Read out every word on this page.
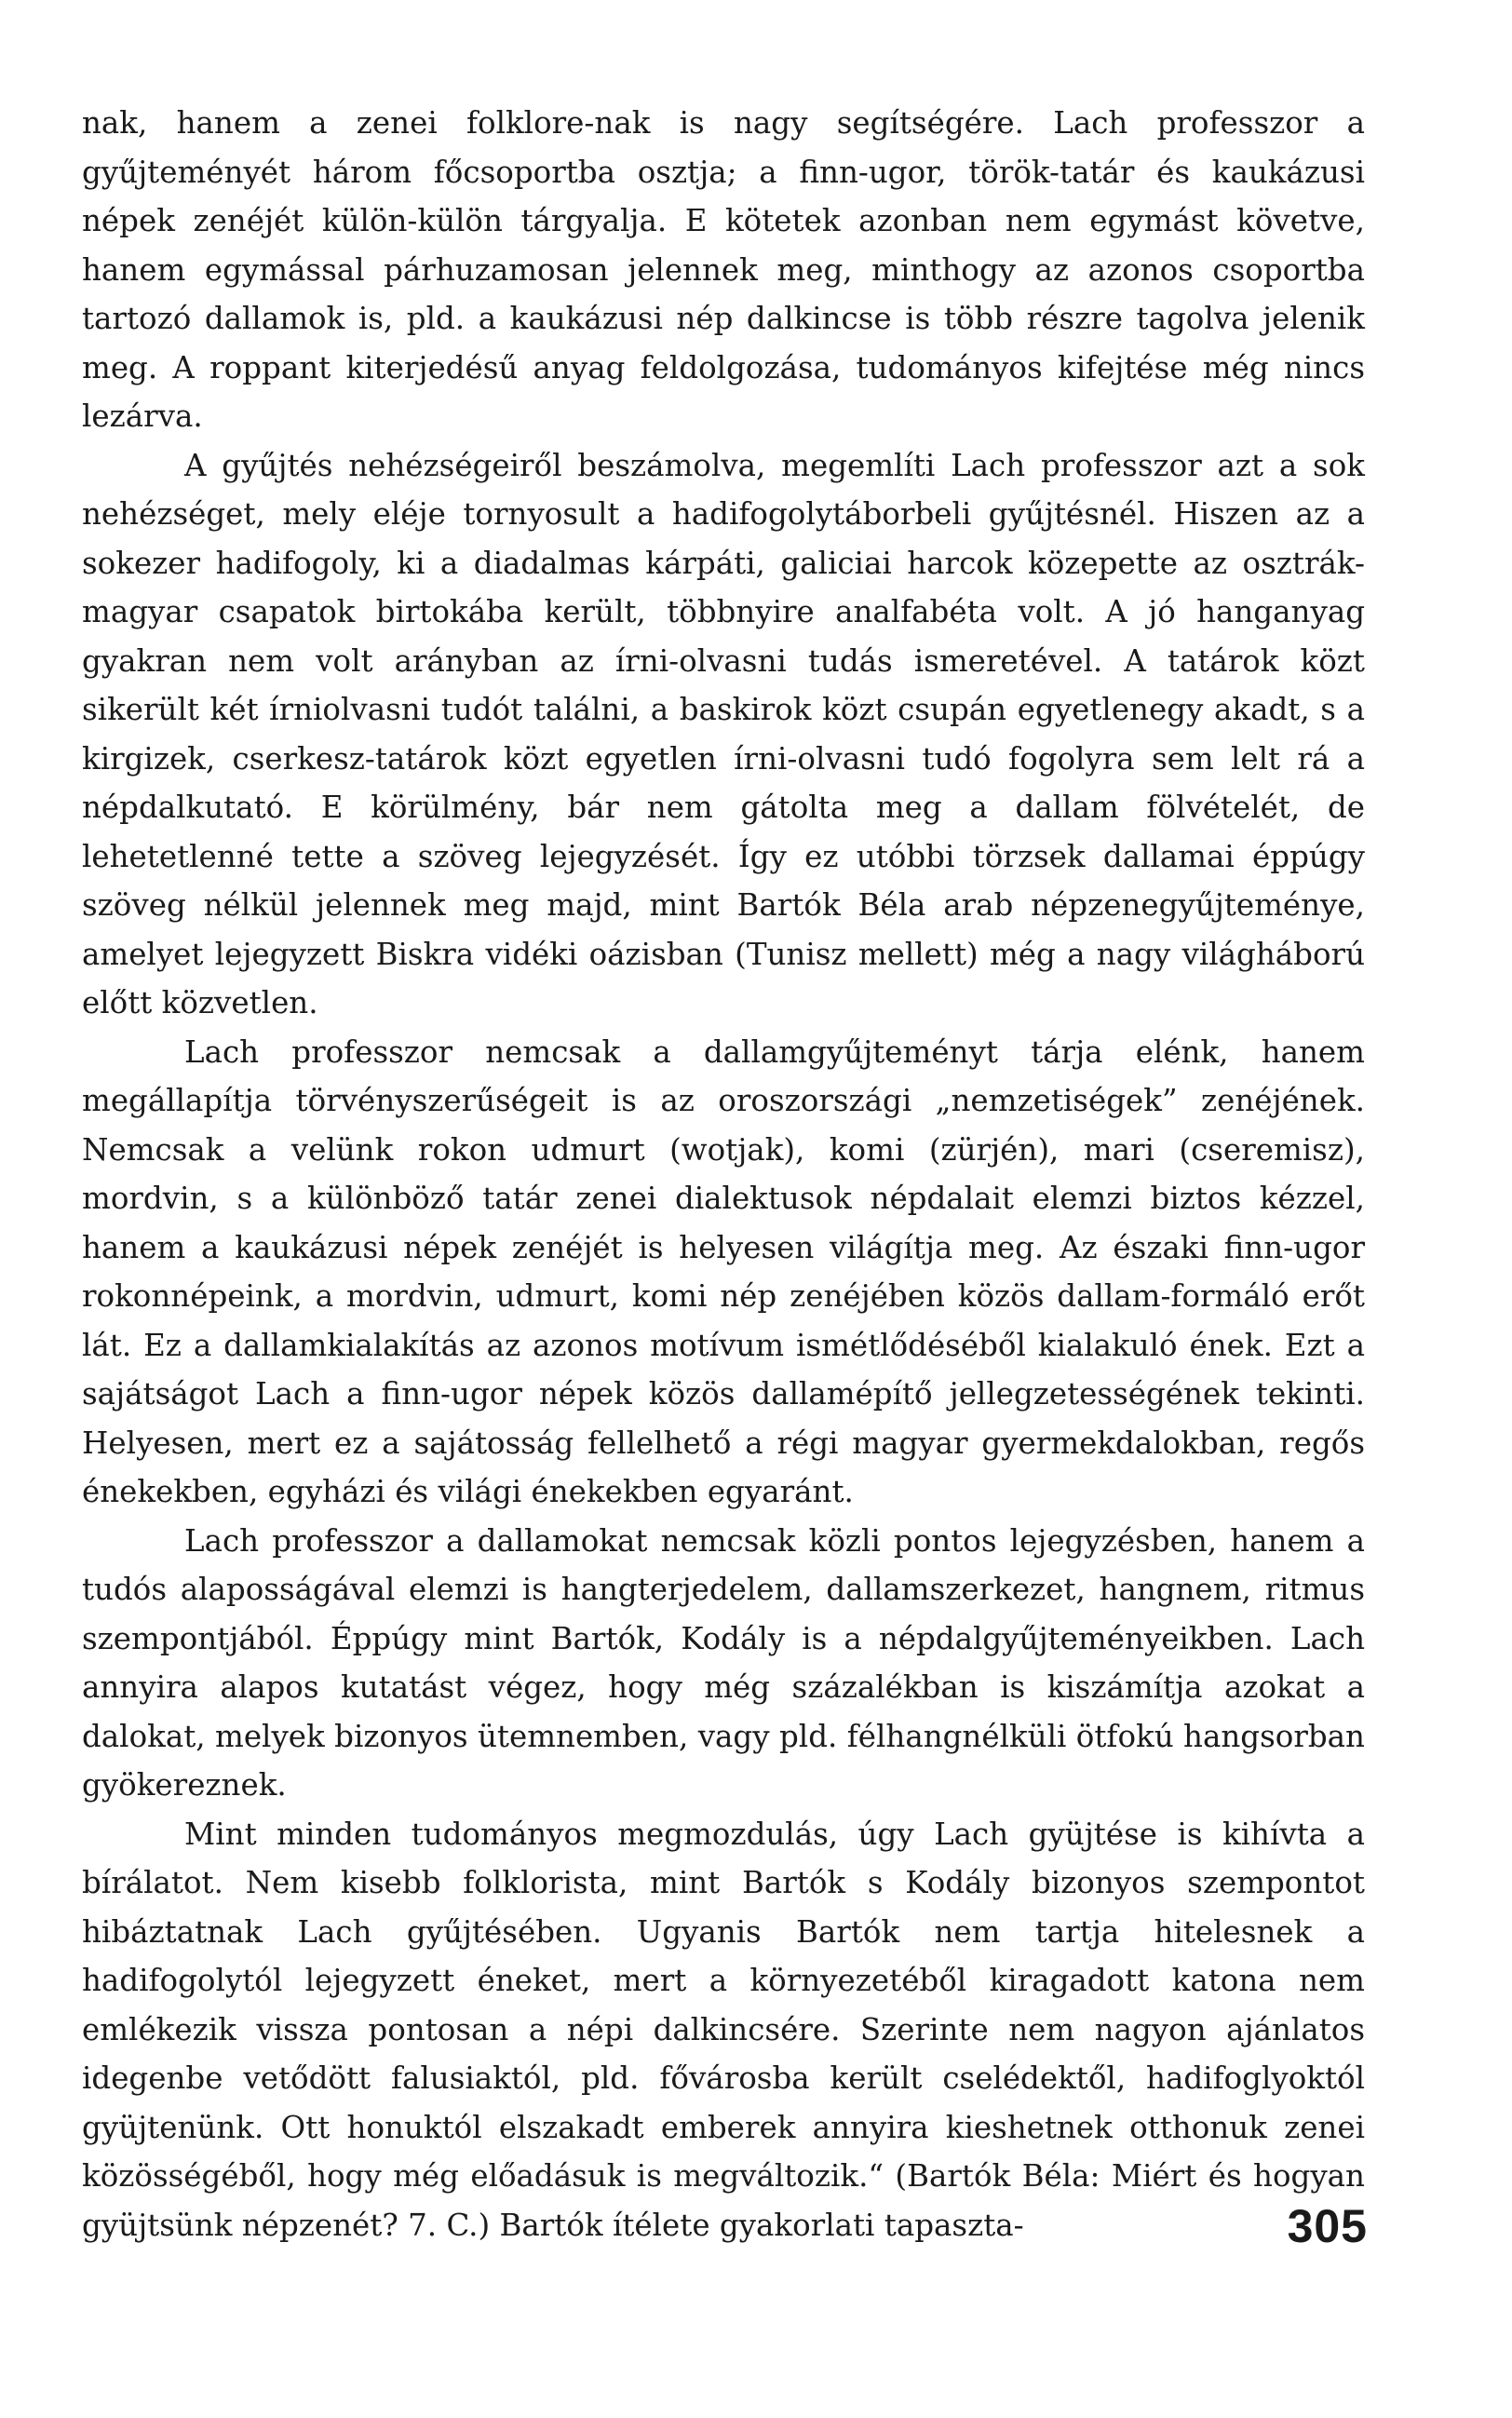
nak, hanem a zenei folklore-nak is nagy segítségére. Lach professzor a gyűjteményét három főcsoportba osztja; a finn-ugor, török-tatár és kaukázusi népek zenéjét külön-külön tárgyalja. E kötetek azonban nem egymást követve, hanem egymással párhuzamosan jelennek meg, minthogy az azonos csoportba tartozó dallamok is, pld. a kaukázusi nép dalkincse is több részre tagolva jelenik meg. A roppant kiterjedésű anyag feldolgozása, tudományos kifejtése még nincs lezárva.

A gyűjtés nehézségeiről beszámolva, megemlíti Lach professzor azt a sok nehézséget, mely eléje tornyosult a hadifogolytáborbeli gyűjtésnél. Hiszen az a sokezer hadifogoly, ki a diadalmas kárpáti, galiciai harcok közepette az osztrák-magyar csapatok birtokába került, többnyire analfabéta volt. A jó hanganyag gyakran nem volt arányban az írni-olvasni tudás ismeretével. A tatárok közt sikerült két írniolvasni tudót találni, a baskirok közt csupán egyetlenegy akadt, s a kirgizek, cserkesz-tatárok közt egyetlen írni-olvasni tudó fogolyra sem lelt rá a népdalkutató. E körülmény, bár nem gátolta meg a dallam fölvételét, de lehetetlenné tette a szöveg lejegyzését. Így ez utóbbi törzsek dallamai éppúgy szöveg nélkül jelennek meg majd, mint Bartók Béla arab népzenegyűjteménye, amelyet lejegyzett Biskra vidéki oázisban (Tunisz mellett) még a nagy világháború előtt közvetlen.

Lach professzor nemcsak a dallamgyűjteményt tárja elénk, hanem megállapítja törvényszerűségeit is az oroszországi „nemzetiségek” zenéjének. Nemcsak a velünk rokon udmurt (wotjak), komi (zürjén), mari (cseremisz), mordvin, s a különböző tatár zenei dialektusok népdalait elemzi biztos kézzel, hanem a kaukázusi népek zenéjét is helyesen világítja meg. Az északi finn-ugor rokonnépeink, a mordvin, udmurt, komi nép zenéjében közös dallam-formáló erőt lát. Ez a dallamkialakítás az azonos motívum ismétlődéséből kialakuló ének. Ezt a sajátságot Lach a finn-ugor népek közös dallamépítő jellegzetességének tekinti. Helyesen, mert ez a sajátosság fellelhető a régi magyar gyermekdalokban, regős énekekben, egyházi és világi énekekben egyaránt.

Lach professzor a dallamokat nemcsak közli pontos lejegyzésben, hanem a tudós alaposságával elemzi is hangterjedelem, dallamszerkezet, hangnem, ritmus szempontjából. Éppúgy mint Bartók, Kodály is a népdalgyűjteményeikben. Lach annyira alapos kutatást végez, hogy még százalékban is kiszámítja azokat a dalokat, melyek bizonyos ütemnemben, vagy pld. félhangnélküli ötfokú hangsorban gyökereznek.

Mint minden tudományos megmozdulás, úgy Lach gyüjtése is kihívta a bírálatot. Nem kisebb folklorista, mint Bartók s Kodály bizonyos szempontot hibáztatnak Lach gyűjtésében. Ugyanis Bartók nem tartja hitelesnek a hadifogolytól lejegyzett éneket, mert a környezetéből kiragadott katona nem emlékezik vissza pontosan a népi dalkincsére. Szerinte nem nagyon ajánlatos idegenbe vetődött falusiaktól, pld. fővárosba került cselédektől, hadifoglyoktól gyüjtenünk. Ott honuktól elszakadt emberek annyira kieshetnek otthonuk zenei közösségéből, hogy még előadásuk is megváltozik.“ (Bartók Béla: Miért és hogyan gyüjtsünk népzenét? 7. C.) Bartók ítélete gyakorlati tapaszta-	305
